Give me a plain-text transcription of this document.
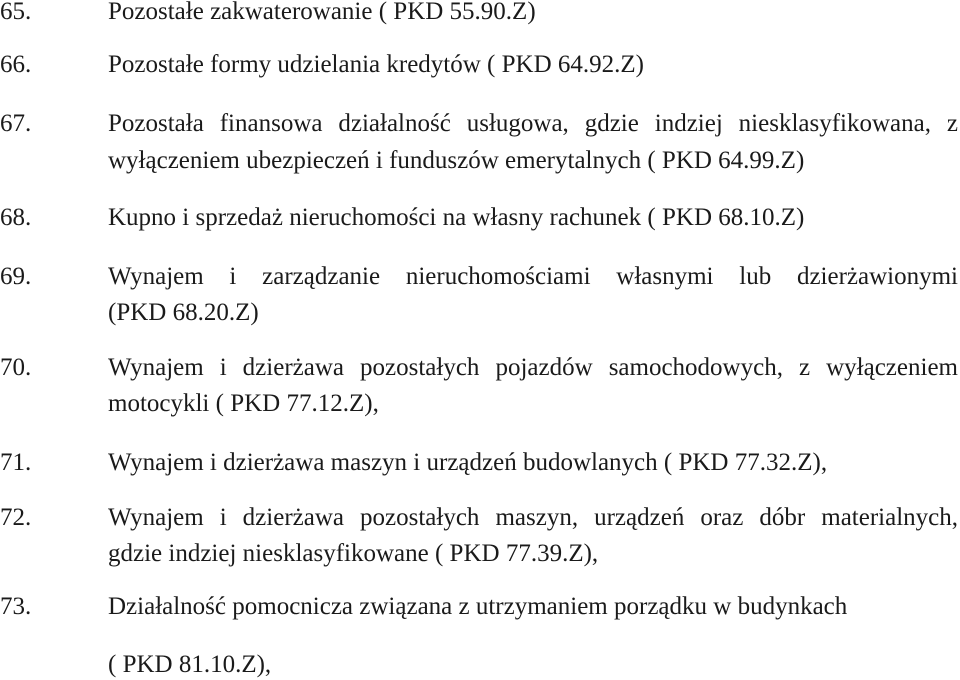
65.	Pozostałe zakwaterowanie ( PKD 55.90.Z)
66.	Pozostałe formy udzielania kredytów ( PKD 64.92.Z)
67.	Pozostała finansowa działalność usługowa, gdzie indziej niesklasyfikowana, z
wyłączeniem ubezpieczeń i funduszów emerytalnych ( PKD 64.99.Z)
68.	Kupno i sprzedaż nieruchomości na własny rachunek ( PKD 68.10.Z)
69.	Wynajem i zarządzanie nieruchomościami własnymi lub dzierżawionymi
(PKD 68.20.Z)
70.	Wynajem i dzierżawa pozostałych pojazdów samochodowych, z wyłączeniem
motocykli ( PKD 77.12.Z),
71.	Wynajem i dzierżawa maszyn i urządzeń budowlanych ( PKD 77.32.Z),
72.	Wynajem i dzierżawa pozostałych maszyn, urządzeń oraz dóbr materialnych,
gdzie indziej niesklasyfikowane ( PKD 77.39.Z),
73.	Działalność pomocnicza związana z utrzymaniem porządku w budynkach
( PKD 81.10.Z),
